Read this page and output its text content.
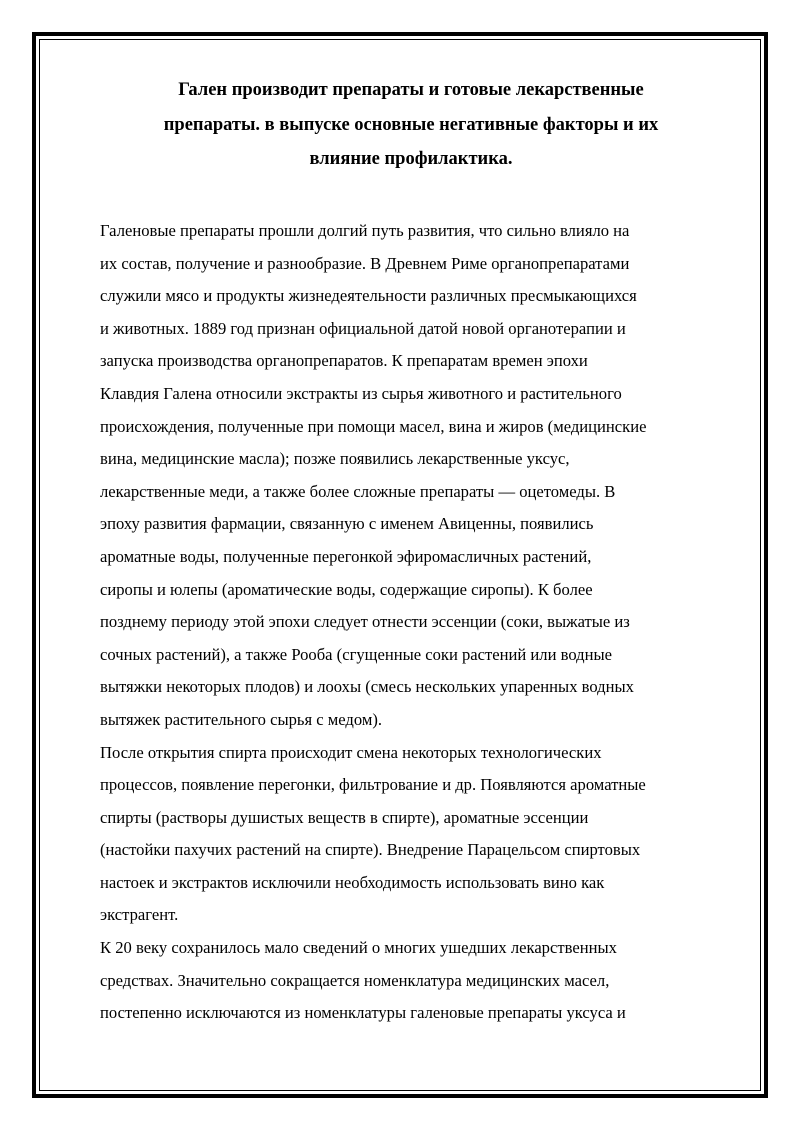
Гален производит препараты и готовые лекарственные
препараты. в выпуске основные негативные факторы и их
влияние профилактика.
Галеновые препараты прошли долгий путь развития, что сильно влияло на
их состав, получение и разнообразие. В Древнем Риме органопрепаратами
служили мясо и продукты жизнедеятельности различных пресмыкающихся
и животных. 1889 год признан официальной датой новой органотерапии и
запуска производства органопрепаратов. К препаратам времен эпохи
Клавдия Галена относили экстракты из сырья животного и растительного
происхождения, полученные при помощи масел, вина и жиров (медицинские
вина, медицинские масла); позже появились лекарственные уксус,
лекарственные меди, а также более сложные препараты — оцетомеды. В
эпоху развития фармации, связанную с именем Авиценны, появились
ароматные воды, полученные перегонкой эфиромасличных растений,
сиропы и юлепы (ароматические воды, содержащие сиропы). К более
позднему периоду этой эпохи следует отнести эссенции (соки, выжатые из
сочных растений), а также Рооба (сгущенные соки растений или водные
вытяжки некоторых плодов) и лоохы (смесь нескольких упаренных водных
вытяжек растительного сырья с медом).
После открытия спирта происходит смена некоторых технологических
процессов, появление перегонки, фильтрование и др. Появляются ароматные
спирты (растворы душистых веществ в спирте), ароматные эссенции
(настойки пахучих растений на спирте). Внедрение Парацельсом спиртовых
настоек и экстрактов исключили необходимость использовать вино как
экстрагент.
К 20 веку сохранилось мало сведений о многих ушедших лекарственных
средствах. Значительно сокращается номенклатура медицинских масел,
постепенно исключаются из номенклатуры галеновые препараты уксуса и
